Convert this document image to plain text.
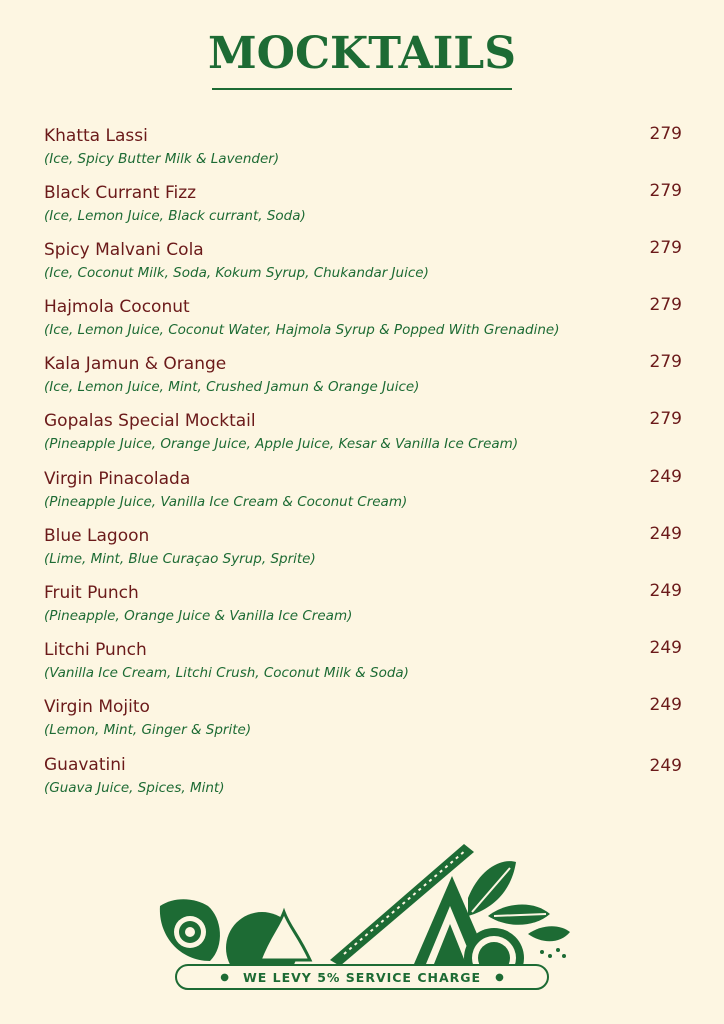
MOCKTAILS
Khatta Lassi
(Ice, Spicy Butter Milk & Lavender)
279
Black Currant Fizz
(Ice, Lemon Juice, Black currant, Soda)
279
Spicy Malvani Cola
(Ice, Coconut Milk, Soda, Kokum Syrup, Chukandar Juice)
279
Hajmola Coconut
(Ice, Lemon Juice, Coconut Water, Hajmola Syrup & Popped With Grenadine)
279
Kala Jamun & Orange
(Ice, Lemon Juice, Mint, Crushed Jamun & Orange Juice)
279
Gopalas Special Mocktail
(Pineapple Juice, Orange Juice, Apple Juice, Kesar & Vanilla Ice Cream)
279
Virgin Pinacolada
(Pineapple Juice, Vanilla Ice Cream & Coconut Cream)
249
Blue Lagoon
(Lime, Mint, Blue Curaçao Syrup, Sprite)
249
Fruit Punch
(Pineapple, Orange Juice & Vanilla Ice Cream)
249
Litchi Punch
(Vanilla Ice Cream, Litchi Crush, Coconut Milk & Soda)
249
Virgin Mojito
(Lemon, Mint, Ginger & Sprite)
249
Guavatini
(Guava Juice, Spices, Mint)
249
●	WE LEVY 5% SERVICE CHARGE	●
